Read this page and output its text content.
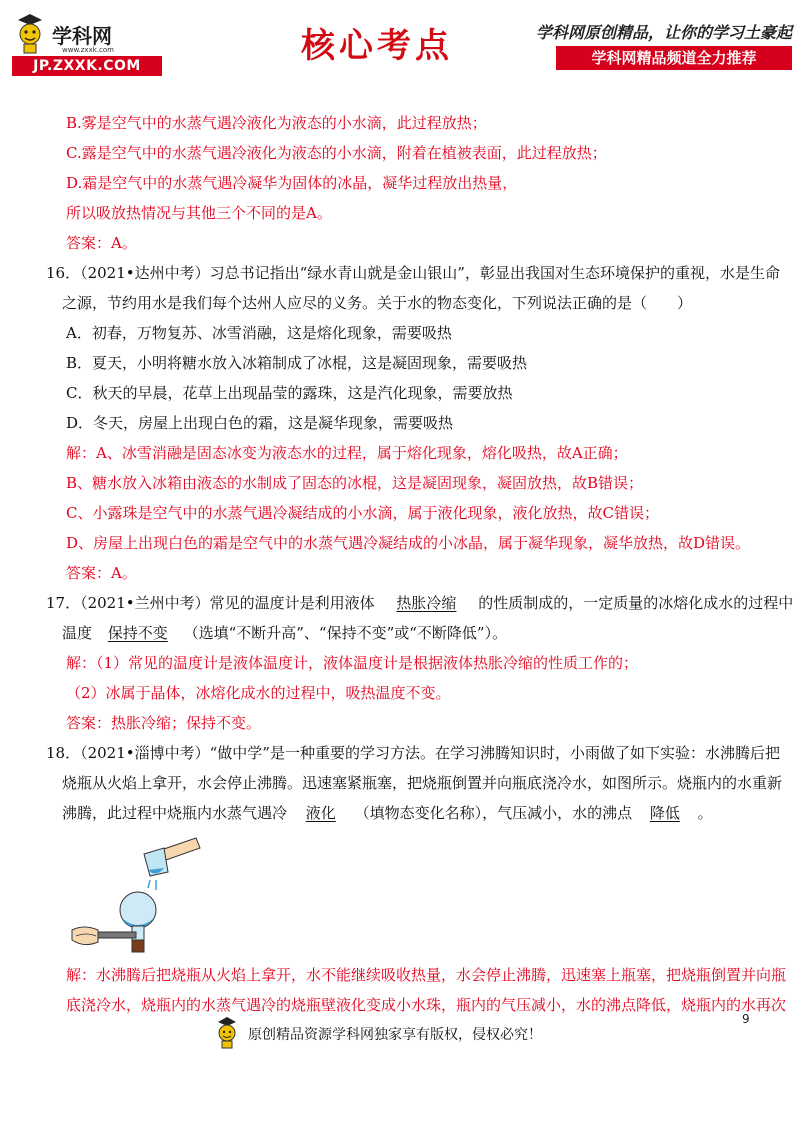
学科网
www.zxxk.com
JP.ZXXK.COM	核心考点	学科网原创精品，让你的学习土豪起
学科网精品频道全力推荐
B.雾是空气中的水蒸气遇冷液化为液态的小水滴，此过程放热；
C.露是空气中的水蒸气遇冷液化为液态的小水滴，附着在植被表面，此过程放热；
D.霜是空气中的水蒸气遇冷凝华为固体的冰晶，凝华过程放出热量，
所以吸放热情况与其他三个不同的是A。
答案：A。
16．（2021•达州中考）习总书记指出“绿水青山就是金山银山”，彰显出我国对生态环境保护的重视，水是生命
之源，节约用水是我们每个达州人应尽的义务。关于水的物态变化，下列说法正确的是（　　）
A．初春，万物复苏、冰雪消融，这是熔化现象，需要吸热
B．夏天，小明将糖水放入冰箱制成了冰棍，这是凝固现象，需要吸热
C．秋天的早晨，花草上出现晶莹的露珠，这是汽化现象，需要放热
D．冬天，房屋上出现白色的霜，这是凝华现象，需要吸热
解：A、冰雪消融是固态冰变为液态水的过程，属于熔化现象，熔化吸热，故A正确；
B、糖水放入冰箱由液态的水制成了固态的冰棍，这是凝固现象，凝固放热，故B错误；
C、小露珠是空气中的水蒸气遇冷凝结成的小水滴，属于液化现象，液化放热，故C错误；
D、房屋上出现白色的霜是空气中的水蒸气遇冷凝结成的小冰晶，属于凝华现象，凝华放热，故D错误。
答案：A。
17．（2021•兰州中考）常见的温度计是利用液体 热胀冷缩 的性质制成的，一定质量的冰熔化成水的过程中
温度 保持不变 （选填“不断升高”、“保持不变”或“不断降低”）。
解：（1）常见的温度计是液体温度计，液体温度计是根据液体热胀冷缩的性质工作的；
（2）冰属于晶体，冰熔化成水的过程中，吸热温度不变。
答案：热胀冷缩；保持不变。
18．（2021•淄博中考）“做中学”是一种重要的学习方法。在学习沸腾知识时，小雨做了如下实验：水沸腾后把
烧瓶从火焰上拿开，水会停止沸腾。迅速塞紧瓶塞，把烧瓶倒置并向瓶底浇冷水，如图所示。烧瓶内的水重新
沸腾，此过程中烧瓶内水蒸气遇冷 液化 （填物态变化名称），气压减小，水的沸点 降低 。
解：水沸腾后把烧瓶从火焰上拿开，水不能继续吸收热量，水会停止沸腾，迅速塞上瓶塞，把烧瓶倒置并向瓶
底浇冷水，烧瓶内的水蒸气遇冷的烧瓶壁液化变成小水珠，瓶内的气压减小，水的沸点降低，烧瓶内的水再次
9
原创精品资源学科网独家享有版权，侵权必究！
